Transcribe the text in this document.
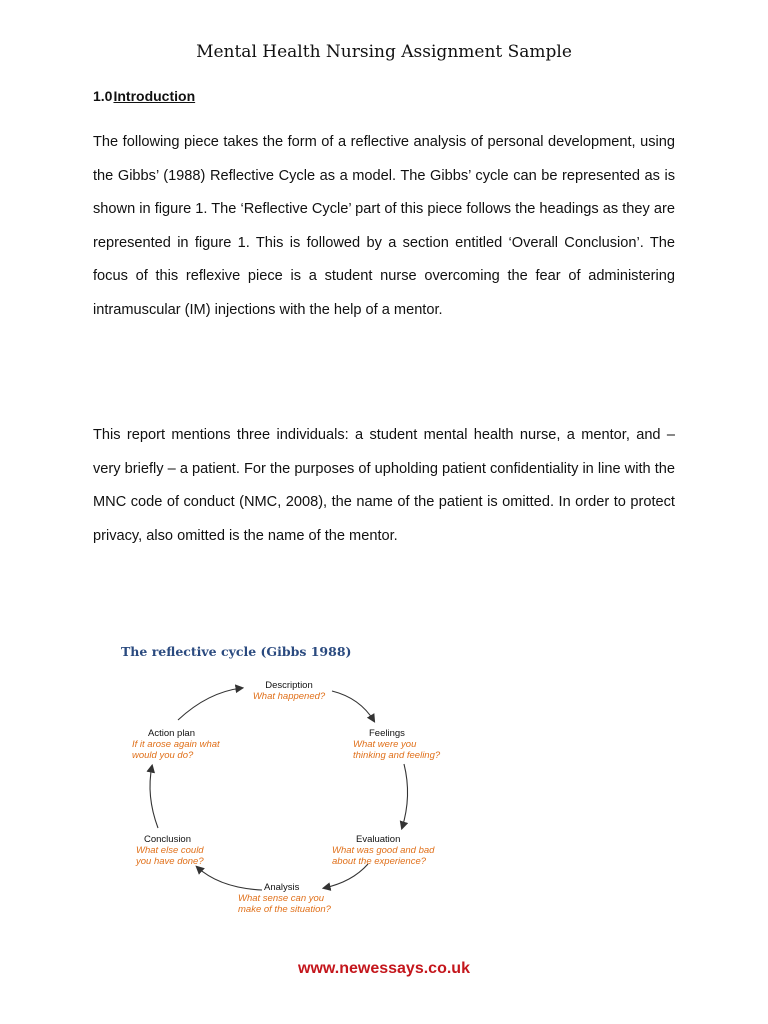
Mental Health Nursing Assignment Sample
1.0Introduction
The following piece takes the form of a reflective analysis of personal development, using the Gibbs’ (1988) Reflective Cycle as a model. The Gibbs’ cycle can be represented as is shown in figure 1. The ‘Reflective Cycle’ part of this piece follows the headings as they are represented in figure 1. This is followed by a section entitled ‘Overall Conclusion’. The focus of this reflexive piece is a student nurse overcoming the fear of administering intramuscular (IM) injections with the help of a mentor.
This report mentions three individuals: a student mental health nurse, a mentor, and – very briefly – a patient. For the purposes of upholding patient confidentiality in line with the MNC code of conduct (NMC, 2008), the name of the patient is omitted. In order to protect privacy, also omitted is the name of the mentor.
The reflective cycle (Gibbs 1988)
Description
What happened?
Feelings
What were you thinking and feeling?
Evaluation
What was good and bad about the experience?
Analysis
What sense can you make of the situation?
Conclusion
What else could you have done?
Action plan
If it arose again what would you do?
www.newessays.co.uk
